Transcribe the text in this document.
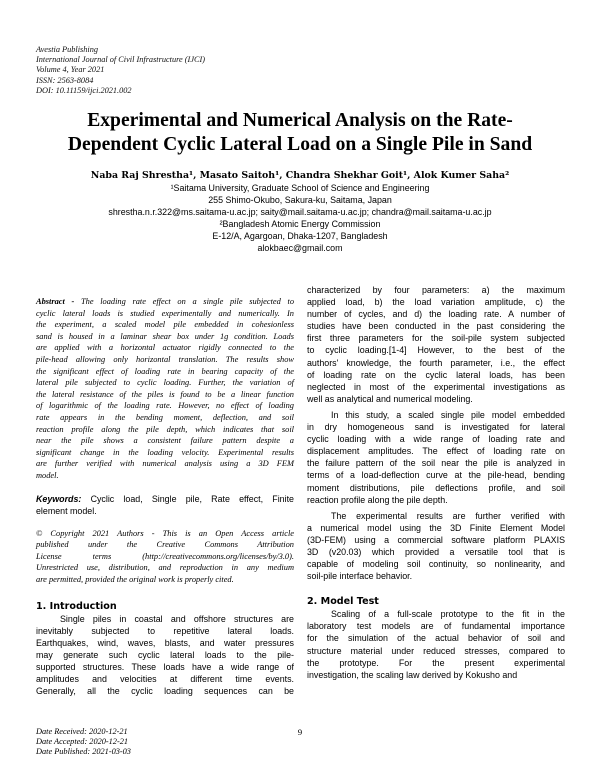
Avestia Publishing
International Journal of Civil Infrastructure (IJCI)
Volume 4, Year 2021
ISSN: 2563-8084
DOI: 10.11159/ijci.2021.002
Experimental and Numerical Analysis on the Rate-
Dependent Cyclic Lateral Load on a Single Pile in Sand
Naba Raj Shrestha¹, Masato Saitoh¹, Chandra Shekhar Goit¹, Alok Kumer Saha²
¹Saitama University, Graduate School of Science and Engineering
255 Shimo-Okubo, Sakura-ku, Saitama, Japan
shrestha.n.r.322@ms.saitama-u.ac.jp; saity@mail.saitama-u.ac.jp; chandra@mail.saitama-u.ac.jp
²Bangladesh Atomic Energy Commission
E-12/A, Agargoan, Dhaka-1207, Bangladesh
alokbaec@gmail.com
Abstract - The loading rate effect on a single pile subjected to
cyclic lateral loads is studied experimentally and numerically. In
the experiment, a scaled model pile embedded in cohesionless
sand is housed in a laminar shear box under 1g condition. Loads
are applied with a horizontal actuator rigidly connected to the
pile-head allowing only horizontal translation. The results show
the significant effect of loading rate in bearing capacity of the
lateral pile subjected to cyclic loading. Further, the variation of
the lateral resistance of the piles is found to be a linear function
of logarithmic of the loading rate. However, no effect of loading
rate appears in the bending moment, deflection, and soil
reaction profile along the pile depth, which indicates that soil
near the pile shows a consistent failure pattern despite a
significant change in the loading velocity. Experimental results
are further verified with numerical analysis using a 3D FEM
model.
Keywords: Cyclic load, Single pile, Rate effect, Finite
element model.
© Copyright 2021 Authors - This is an Open Access article
published under the Creative Commons Attribution
License terms (http://creativecommons.org/licenses/by/3.0).
Unrestricted use, distribution, and reproduction in any medium
are permitted, provided the original work is properly cited.
1. Introduction
Single piles in coastal and offshore structures are
inevitably subjected to repetitive lateral loads.
Earthquakes, wind, waves, blasts, and water pressures
may generate such cyclic lateral loads to the pile-
supported structures. These loads have a wide range of
amplitudes and velocities at different time events.
Generally, all the cyclic loading sequences can be
characterized by four parameters: a) the maximum
applied load, b) the load variation amplitude, c) the
number of cycles, and d) the loading rate. A number of
studies have been conducted in the past considering the
first three parameters for the soil-pile system subjected
to cyclic loading.[1-4] However, to the best of the
authors' knowledge, the fourth parameter, i.e., the effect
of loading rate on the cyclic lateral loads, has been
neglected in most of the experimental investigations as
well as analytical and numerical modeling.
In this study, a scaled single pile model embedded
in dry homogeneous sand is investigated for lateral
cyclic loading with a wide range of loading rate and
displacement amplitudes. The effect of loading rate on
the failure pattern of the soil near the pile is analyzed in
terms of a load-deflection curve at the pile-head, bending
moment distributions, pile deflections profile, and soil
reaction profile along the pile depth.
The experimental results are further verified with
a numerical model using the 3D Finite Element Model
(3D-FEM) using a commercial software platform PLAXIS
3D (v20.03) which provided a versatile tool that is
capable of modeling soil continuity, so nonlinearity, and
soil-pile interface behavior.
2. Model Test
Scaling of a full-scale prototype to the fit in the
laboratory test models are of fundamental importance
for the simulation of the actual behavior of soil and
structure material under reduced stresses, compared to
the prototype. For the present experimental
investigation, the scaling law derived by Kokusho and
Date Received: 2020-12-21
Date Accepted: 2020-12-21
Date Published: 2021-03-03
9
